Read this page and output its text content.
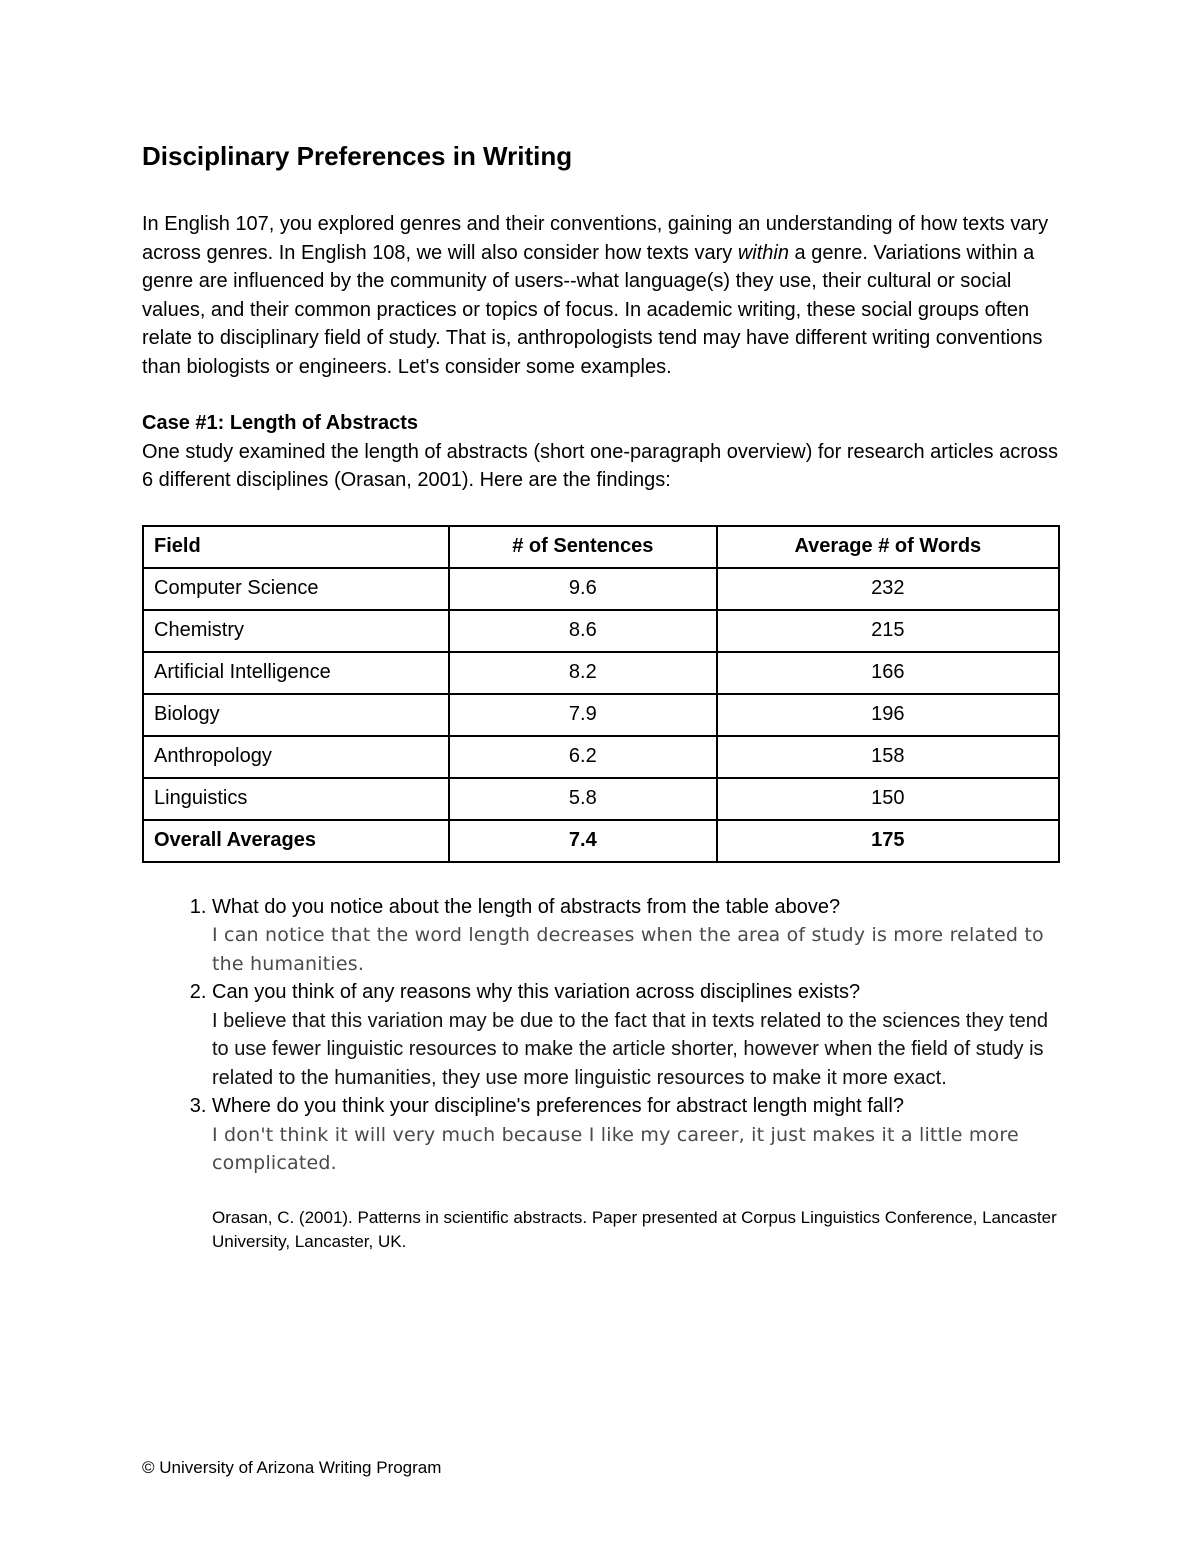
Disciplinary Preferences in Writing

In English 107, you explored genres and their conventions, gaining an understanding of how texts vary across genres. In English 108, we will also consider how texts vary within a genre. Variations within a genre are influenced by the community of users--what language(s) they use, their cultural or social values, and their common practices or topics of focus. In academic writing, these social groups often relate to disciplinary field of study. That is, anthropologists tend may have different writing conventions than biologists or engineers. Let's consider some examples.

Case #1: Length of Abstracts

One study examined the length of abstracts (short one-paragraph overview) for research articles across 6 different disciplines (Orasan, 2001). Here are the findings:

Field	# of Sentences	Average # of Words
Computer Science	9.6	232
Chemistry	8.6	215
Artificial Intelligence	8.2	166
Biology	7.9	196
Anthropology	6.2	158
Linguistics	5.8	150
Overall Averages	7.4	175
1. What do you notice about the length of abstracts from the table above?
I can notice that the word length decreases when the area of study is more related to the humanities.
2. Can you think of any reasons why this variation across disciplines exists?
I believe that this variation may be due to the fact that in texts related to the sciences they tend to use fewer linguistic resources to make the article shorter, however when the field of study is related to the humanities, they use more linguistic resources to make it more exact.
3. Where do you think your discipline's preferences for abstract length might fall?
I don't think it will very much because I like my career, it just makes it a little more complicated.

Orasan, C. (2001). Patterns in scientific abstracts. Paper presented at Corpus Linguistics Conference, Lancaster University, Lancaster, UK.

© University of Arizona Writing Program
